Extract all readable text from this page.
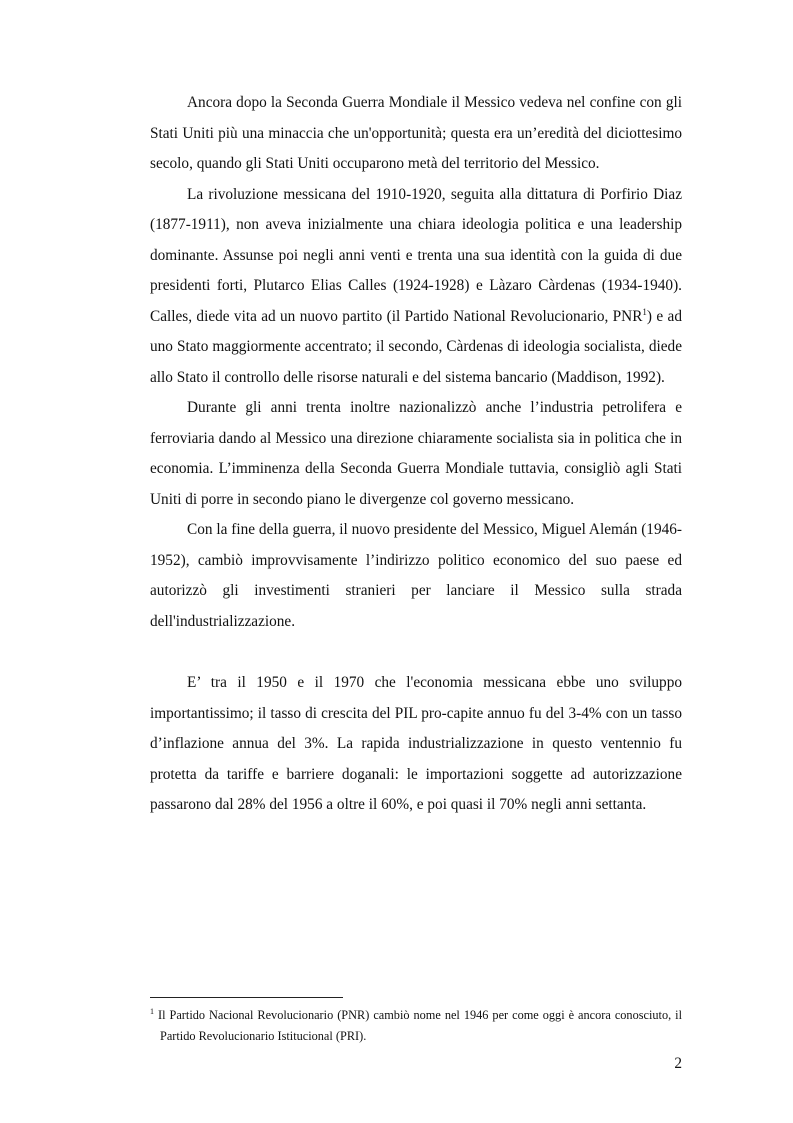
Ancora dopo la Seconda Guerra Mondiale il Messico vedeva nel confine con gli Stati Uniti più una minaccia che un'opportunità; questa era un’eredità del diciottesimo secolo, quando gli Stati Uniti occuparono metà del territorio del Messico.

La rivoluzione messicana del 1910-1920, seguita alla dittatura di Porfirio Diaz (1877-1911), non aveva inizialmente una chiara ideologia politica e una leadership dominante. Assunse poi negli anni venti e trenta una sua identità con la guida di due presidenti forti, Plutarco Elias Calles (1924-1928) e Làzaro Càrdenas (1934-1940). Calles, diede vita ad un nuovo partito (il Partido National Revolucionario, PNR$^1$) e ad uno Stato maggiormente accentrato; il secondo, Càrdenas di ideologia socialista, diede allo Stato il controllo delle risorse naturali e del sistema bancario (Maddison, 1992).

Durante gli anni trenta inoltre nazionalizzò anche l’industria petrolifera e ferroviaria dando al Messico una direzione chiaramente socialista sia in politica che in economia. L’imminenza della Seconda Guerra Mondiale tuttavia, consigliò agli Stati Uniti di porre in secondo piano le divergenze col governo messicano.

Con la fine della guerra, il nuovo presidente del Messico, Miguel Alemán (1946-1952), cambiò improvvisamente l’indirizzo politico economico del suo paese ed autorizzò gli investimenti stranieri per lanciare il Messico sulla strada dell'industrializzazione.

E’ tra il 1950 e il 1970 che l'economia messicana ebbe uno sviluppo importantissimo; il tasso di crescita del PIL pro-capite annuo fu del 3-4% con un tasso d’inflazione annua del 3%. La rapida industrializzazione in questo ventennio fu protetta da tariffe e barriere doganali: le importazioni soggette ad autorizzazione passarono dal 28% del 1956 a oltre il 60%, e poi quasi il 70% negli anni settanta.

$^1$ Il Partido Nacional Revolucionario (PNR) cambiò nome nel 1946 per come oggi è ancora conosciuto, il Partido Revolucionario Istitucional (PRI).
2
